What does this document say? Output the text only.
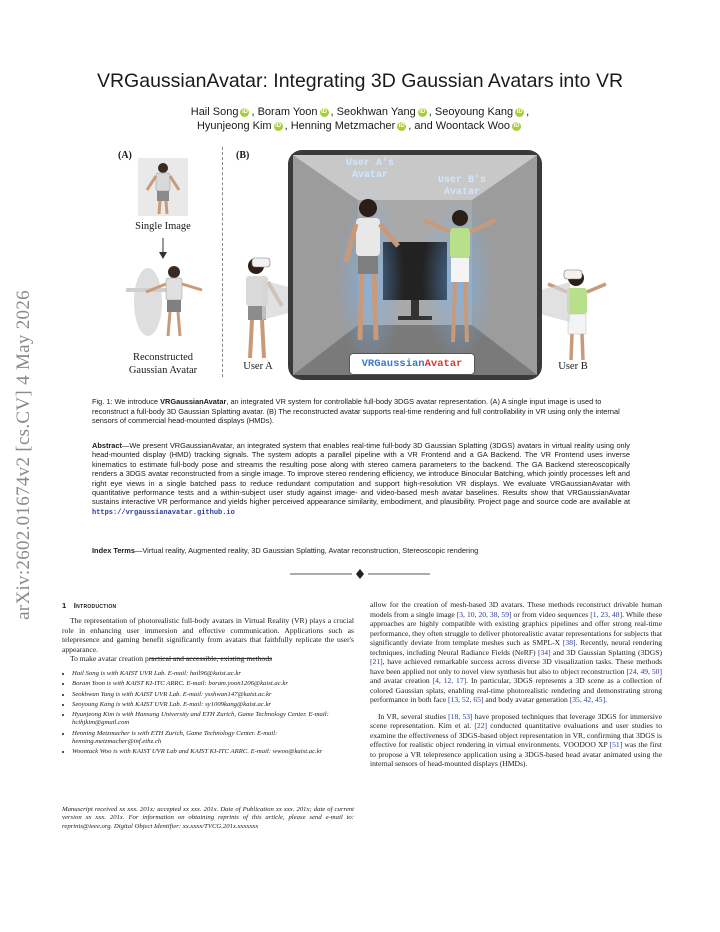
arXiv:2602.01674v2 [cs.CV] 4 May 2026
VRGaussianAvatar: Integrating 3D Gaussian Avatars into VR
Hail Song iD , Boram Yoon iD , Seokhwan Yang iD , Seoyoung Kang iD ,
Hyunjeong Kim iD , Henning Metzmacher iD , and Woontack Woo iD
(A)
Single Image
Reconstructed
Gaussian Avatar
(B)
User A	User B
User A's
Avatar	User B's
Avatar
VRGaussianAvatar
Fig. 1: We introduce VRGaussianAvatar, an integrated VR system for controllable full-body 3DGS avatar representation. (A) A single input image is used to reconstruct a full-body 3D Gaussian Splatting avatar. (B) The reconstructed avatar supports real-time rendering and full controllability in VR using only the internal sensors of commercial head-mounted displays (HMDs).
Abstract—We present VRGaussianAvatar, an integrated system that enables real-time full-body 3D Gaussian Splatting (3DGS) avatars in virtual reality using only head-mounted display (HMD) tracking signals. The system adopts a parallel pipeline with a VR Frontend and a GA Backend. The VR Frontend uses inverse kinematics to estimate full-body pose and streams the resulting pose along with stereo camera parameters to the backend. The GA Backend stereoscopically renders a 3DGS avatar reconstructed from a single image. To improve stereo rendering efficiency, we introduce Binocular Batching, which jointly processes left and right eye views in a single batched pass to reduce redundant computation and support high-resolution VR displays. We evaluate VRGaussianAvatar with quantitative performance tests and a within-subject user study against image- and video-based mesh avatar baselines. Results show that VRGaussianAvatar sustains interactive VR performance and yields higher perceived appearance similarity, embodiment, and plausibility. Project page and source code are available at https://vrgaussianavatar.github.io
Index Terms—Virtual reality, Augmented reality, 3D Gaussian Splatting, Avatar reconstruction, Stereoscopic rendering
1 Introduction

The representation of photorealistic full-body avatars in Virtual Reality (VR) plays a crucial role in enhancing user immersion and effective communication. Applications such as telepresence and gaming benefit significantly from avatars that faithfully replicate the user's appearance.

To make avatar creation practical and accessible, existing methods

• Hail Song is with KAIST UVR Lab. E-mail: hail96@kaist.ac.kr
• Boram Yoon is with KAIST KI-ITC ARRC. E-mail: boram.yoon1206@kaist.ac.kr
• Seokhwan Yang is with KAIST UVR Lab. E-mail: ysshwan147@kaist.ac.kr
• Seoyoung Kang is with KAIST UVR Lab. E-mail: sy1009kang@kaist.ac.kr
• Hyunjeong Kim is with Hansung University and ETH Zurich, Game Technology Center. E-mail: hcihjkim@gmail.com
• Henning Metzmacher is with ETH Zurich, Game Technology Center. E-mail: henning.metzmacher@inf.ethz.ch
• Woontack Woo is with KAIST UVR Lab and KAIST KI-ITC ARRC. E-mail: wwoo@kaist.ac.kr
Manuscript received xx xxx. 201x; accepted xx xxx. 201x. Date of Publication xx xxx. 201x; date of current version xx xxx. 201x. For information on obtaining reprints of this article, please send e-mail to: reprints@ieee.org. Digital Object Identifier: xx.xxxx/TVCG.201x.xxxxxxx

allow for the creation of mesh-based 3D avatars. These methods reconstruct drivable human models from a single image [3, 10, 20, 38, 59] or from video sequences [1, 23, 48]. While these approaches are highly compatible with existing graphics pipelines and offer strong real-time performance, they often struggle to deliver photorealistic avatar representations for subjects that significantly deviate from template meshes such as SMPL-X [38]. Recently, neural rendering techniques, including Neural Radiance Fields (NeRF) [34] and 3D Gaussian Splatting (3DGS) [21], have achieved remarkable success across diverse 3D visualization tasks. These methods have been applied not only to novel view synthesis but also to object reconstruction [24, 49, 50] and avatar creation [4, 12, 17]. In particular, 3DGS represents a 3D scene as a collection of colored Gaussian splats, enabling real-time photorealistic rendering and demonstrating strong performance in both face [13, 52, 65] and body avatar generation [35, 42, 45].

In VR, several studies [18, 53] have proposed techniques that leverage 3DGS for immersive scene representation. Kim et al. [22] conducted quantitative evaluations and user studies to examine the effectiveness of 3DGS-based object representation in VR, confirming that 3DGS is effective for realistic object rendering in virtual environments. VOODOO XP [51] was the first to propose a VR telepresence application using a 3DGS-based head avatar animated using the internal sensors of head-mounted displays (HMDs).
